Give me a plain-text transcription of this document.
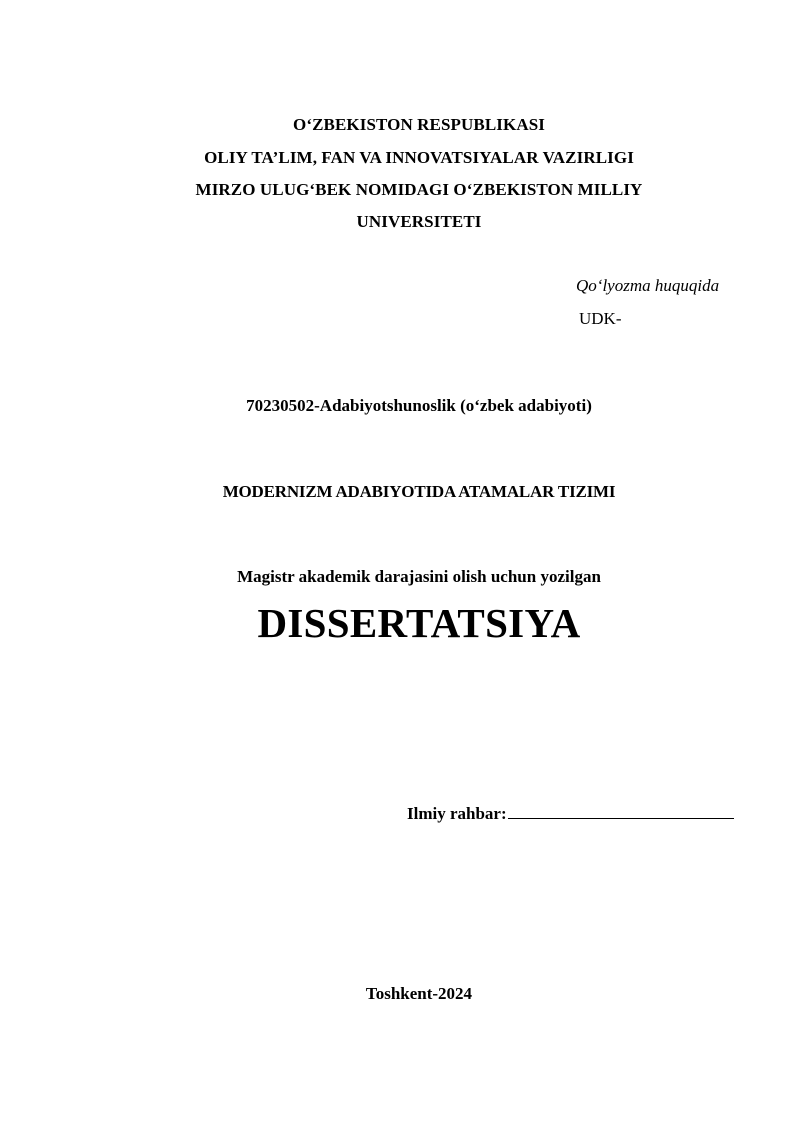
O‘ZBEKISTON RESPUBLIKASI
OLIY TA’LIM, FAN VA INNOVATSIYALAR VAZIRLIGI
MIRZO ULUG‘BEK NOMIDAGI O‘ZBEKISTON MILLIY
UNIVERSITETI
Qo‘lyozma huquqida
UDK-
70230502-Adabiyotshunoslik (o‘zbek adabiyoti)
MODERNIZM ADABIYOTIDA ATAMALAR TIZIMI
Magistr akademik darajasini olish uchun yozilgan
DISSERTATSIYA
Ilmiy rahbar:
Toshkent-2024
